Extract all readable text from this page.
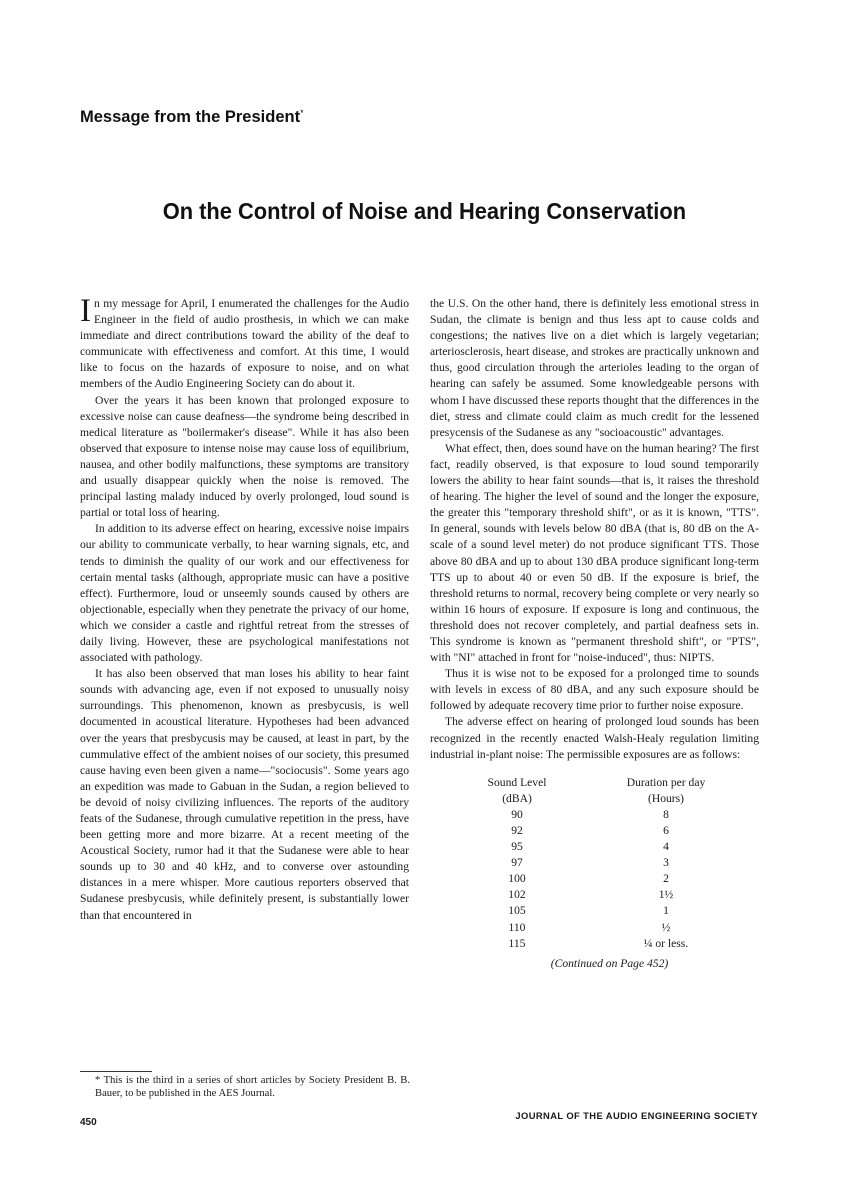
Message from the President*
On the Control of Noise and Hearing Conservation

In my message for April, I enumerated the challenges for the Audio Engineer in the field of audio prosthesis, in which we can make immediate and direct contributions toward the ability of the deaf to communicate with effectiveness and comfort. At this time, I would like to focus on the hazards of exposure to noise, and on what members of the Audio Engineering Society can do about it.

Over the years it has been known that prolonged exposure to excessive noise can cause deafness—the syndrome being described in medical literature as "boilermaker's disease". While it has also been observed that exposure to intense noise may cause loss of equilibrium, nausea, and other bodily malfunctions, these symptoms are transitory and usually disappear quickly when the noise is removed. The principal lasting malady induced by overly prolonged, loud sound is partial or total loss of hearing.

In addition to its adverse effect on hearing, excessive noise impairs our ability to communicate verbally, to hear warning signals, etc, and tends to diminish the quality of our work and our effectiveness for certain mental tasks (although, appropriate music can have a positive effect). Furthermore, loud or unseemly sounds caused by others are objectionable, especially when they penetrate the privacy of our home, which we consider a castle and rightful retreat from the stresses of daily living. However, these are psychological manifestations not associated with pathology.

It has also been observed that man loses his ability to hear faint sounds with advancing age, even if not exposed to unusually noisy surroundings. This phenomenon, known as presbycusis, is well documented in acoustical literature. Hypotheses had been advanced over the years that presbycusis may be caused, at least in part, by the cummulative effect of the ambient noises of our society, this presumed cause having even been given a name—"sociocusis". Some years ago an expedition was made to Gabuan in the Sudan, a region believed to be devoid of noisy civilizing influences. The reports of the auditory feats of the Sudanese, through cumulative repetition in the press, have been getting more and more bizarre. At a recent meeting of the Acoustical Society, rumor had it that the Sudanese were able to hear sounds up to 30 and 40 kHz, and to converse over astounding distances in a mere whisper. More cautious reporters observed that Sudanese presbycusis, while definitely present, is substantially lower than that encountered in

the U.S. On the other hand, there is definitely less emotional stress in Sudan, the climate is benign and thus less apt to cause colds and congestions; the natives live on a diet which is largely vegetarian; arteriosclerosis, heart disease, and strokes are practically unknown and thus, good circulation through the arterioles leading to the organ of hearing can safely be assumed. Some knowledgeable persons with whom I have discussed these reports thought that the differences in the diet, stress and climate could claim as much credit for the lessened presycensis of the Sudanese as any "socioacoustic" advantages.

What effect, then, does sound have on the human hearing? The first fact, readily observed, is that exposure to loud sound temporarily lowers the ability to hear faint sounds—that is, it raises the threshold of hearing. The higher the level of sound and the longer the exposure, the greater this "temporary threshold shift", or as it is known, "TTS". In general, sounds with levels below 80 dBA (that is, 80 dB on the A-scale of a sound level meter) do not produce significant TTS. Those above 80 dBA and up to about 130 dBA produce significant long-term TTS up to about 40 or even 50 dB. If the exposure is brief, the threshold returns to normal, recovery being complete or very nearly so within 16 hours of exposure. If exposure is long and continuous, the threshold does not recover completely, and partial deafness sets in. This syndrome is known as "permanent threshold shift", or "PTS", with "NI" attached in front for "noise-induced", thus: NIPTS.

Thus it is wise not to be exposed for a prolonged time to sounds with levels in excess of 80 dBA, and any such exposure should be followed by adequate recovery time prior to further noise exposure.

The adverse effect on hearing of prolonged loud sounds has been recognized in the recently enacted Walsh-Healy regulation limiting industrial in-plant noise: The permissible exposures are as follows:

Sound Level	Duration per day
(dBA)	(Hours)
90	8
92	6
95	4
97	3
100	2
102	1½
105	1
110	½
115	¼ or less.
(Continued on Page 452)
* This is the third in a series of short articles by Society President B. B. Bauer, to be published in the AES Journal.
450
JOURNAL OF THE AUDIO ENGINEERING SOCIETY
